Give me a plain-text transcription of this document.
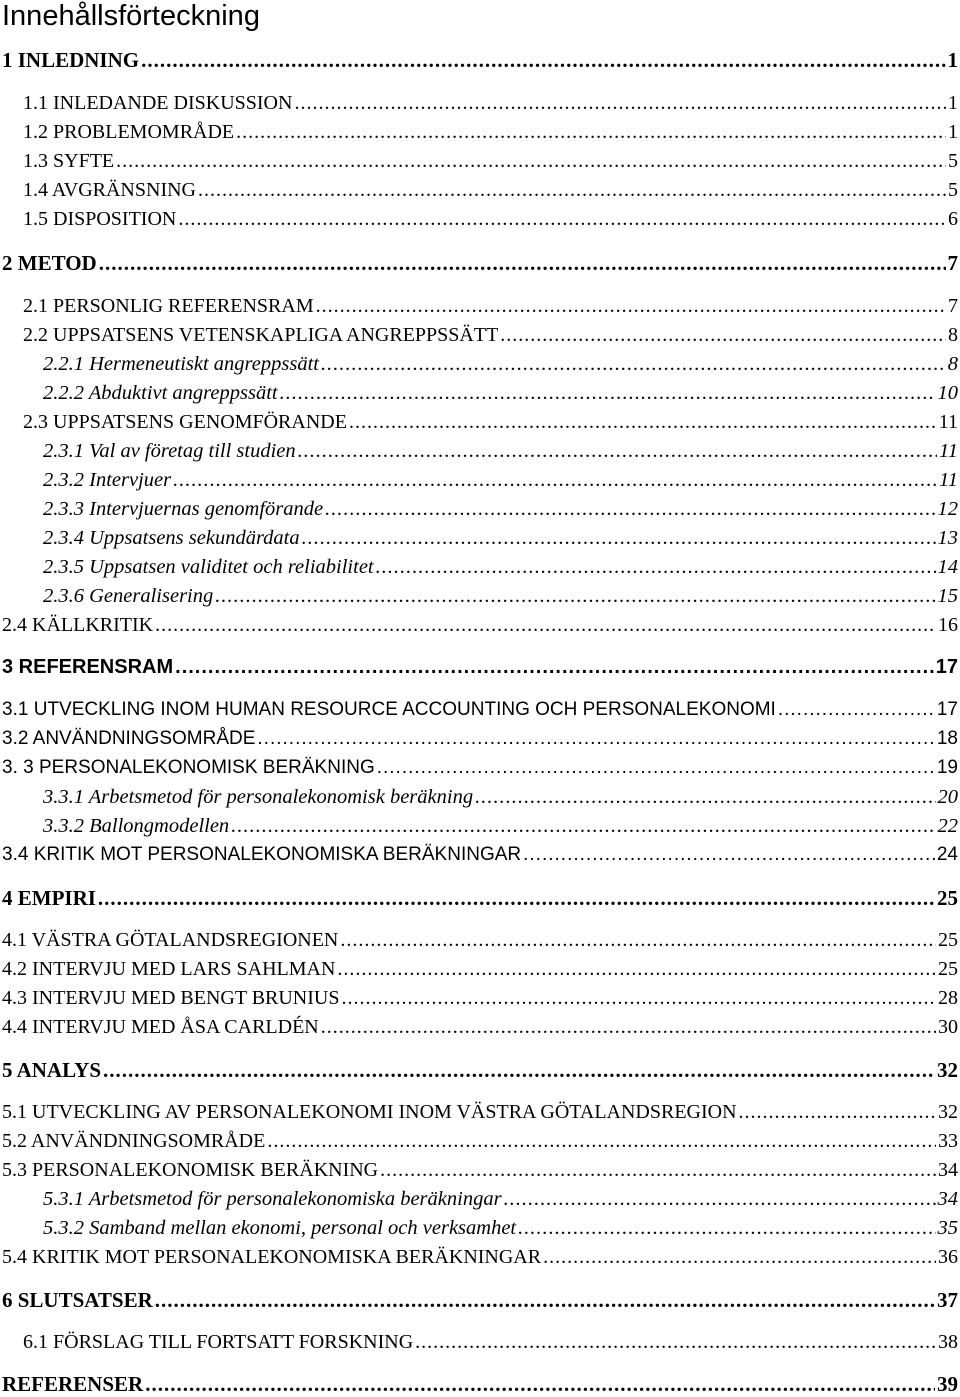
Innehållsförteckning
1 INLEDNING .....	1
1.1 INLEDANDE DISKUSSION .....	1
1.2 PROBLEMOMRÅDE .....	1
1.3 SYFTE .....	5
1.4 AVGRÄNSNING .....	5
1.5 DISPOSITION .....	6
2 METOD .....	7
2.1 PERSONLIG REFERENSRAM .....	7
2.2 UPPSATSENS VETENSKAPLIGA ANGREPPSSÄTT .....	8
2.2.1 Hermeneutiskt angreppssätt .....	8
2.2.2 Abduktivt angreppssätt .....	10
2.3 UPPSATSENS GENOMFÖRANDE .....	11
2.3.1 Val av företag till studien .....	11
2.3.2 Intervjuer .....	11
2.3.3 Intervjuernas genomförande .....	12
2.3.4 Uppsatsens sekundärdata .....	13
2.3.5 Uppsatsen validitet och reliabilitet .....	14
2.3.6 Generalisering .....	15
2.4 KÄLLKRITIK .....	16
3 REFERENSRAM .....	17
3.1 UTVECKLING INOM HUMAN RESOURCE ACCOUNTING OCH PERSONALEKONOMI .....	17
3.2 ANVÄNDNINGSOMRÅDE .....	18
3. 3 PERSONALEKONOMISK BERÄKNING .....	19
3.3.1 Arbetsmetod för personalekonomisk beräkning .....	20
3.3.2 Ballongmodellen .....	22
3.4 KRITIK MOT PERSONALEKONOMISKA BERÄKNINGAR .....	24
4 EMPIRI .....	25
4.1 VÄSTRA GÖTALANDSREGIONEN .....	25
4.2 INTERVJU MED LARS SAHLMAN .....	25
4.3 INTERVJU MED BENGT BRUNIUS .....	28
4.4 INTERVJU MED ÅSA CARLDÉN .....	30
5 ANALYS .....	32
5.1 UTVECKLING AV PERSONALEKONOMI INOM VÄSTRA GÖTALANDSREGION .....	32
5.2 ANVÄNDNINGSOMRÅDE .....	33
5.3 PERSONALEKONOMISK BERÄKNING .....	34
5.3.1 Arbetsmetod för personalekonomiska beräkningar .....	34
5.3.2 Samband mellan ekonomi, personal och verksamhet .....	35
5.4 KRITIK MOT PERSONALEKONOMISKA BERÄKNINGAR .....	36
6 SLUTSATSER .....	37
6.1 FÖRSLAG TILL FORTSATT FORSKNING .....	38
REFERENSER .....	39
